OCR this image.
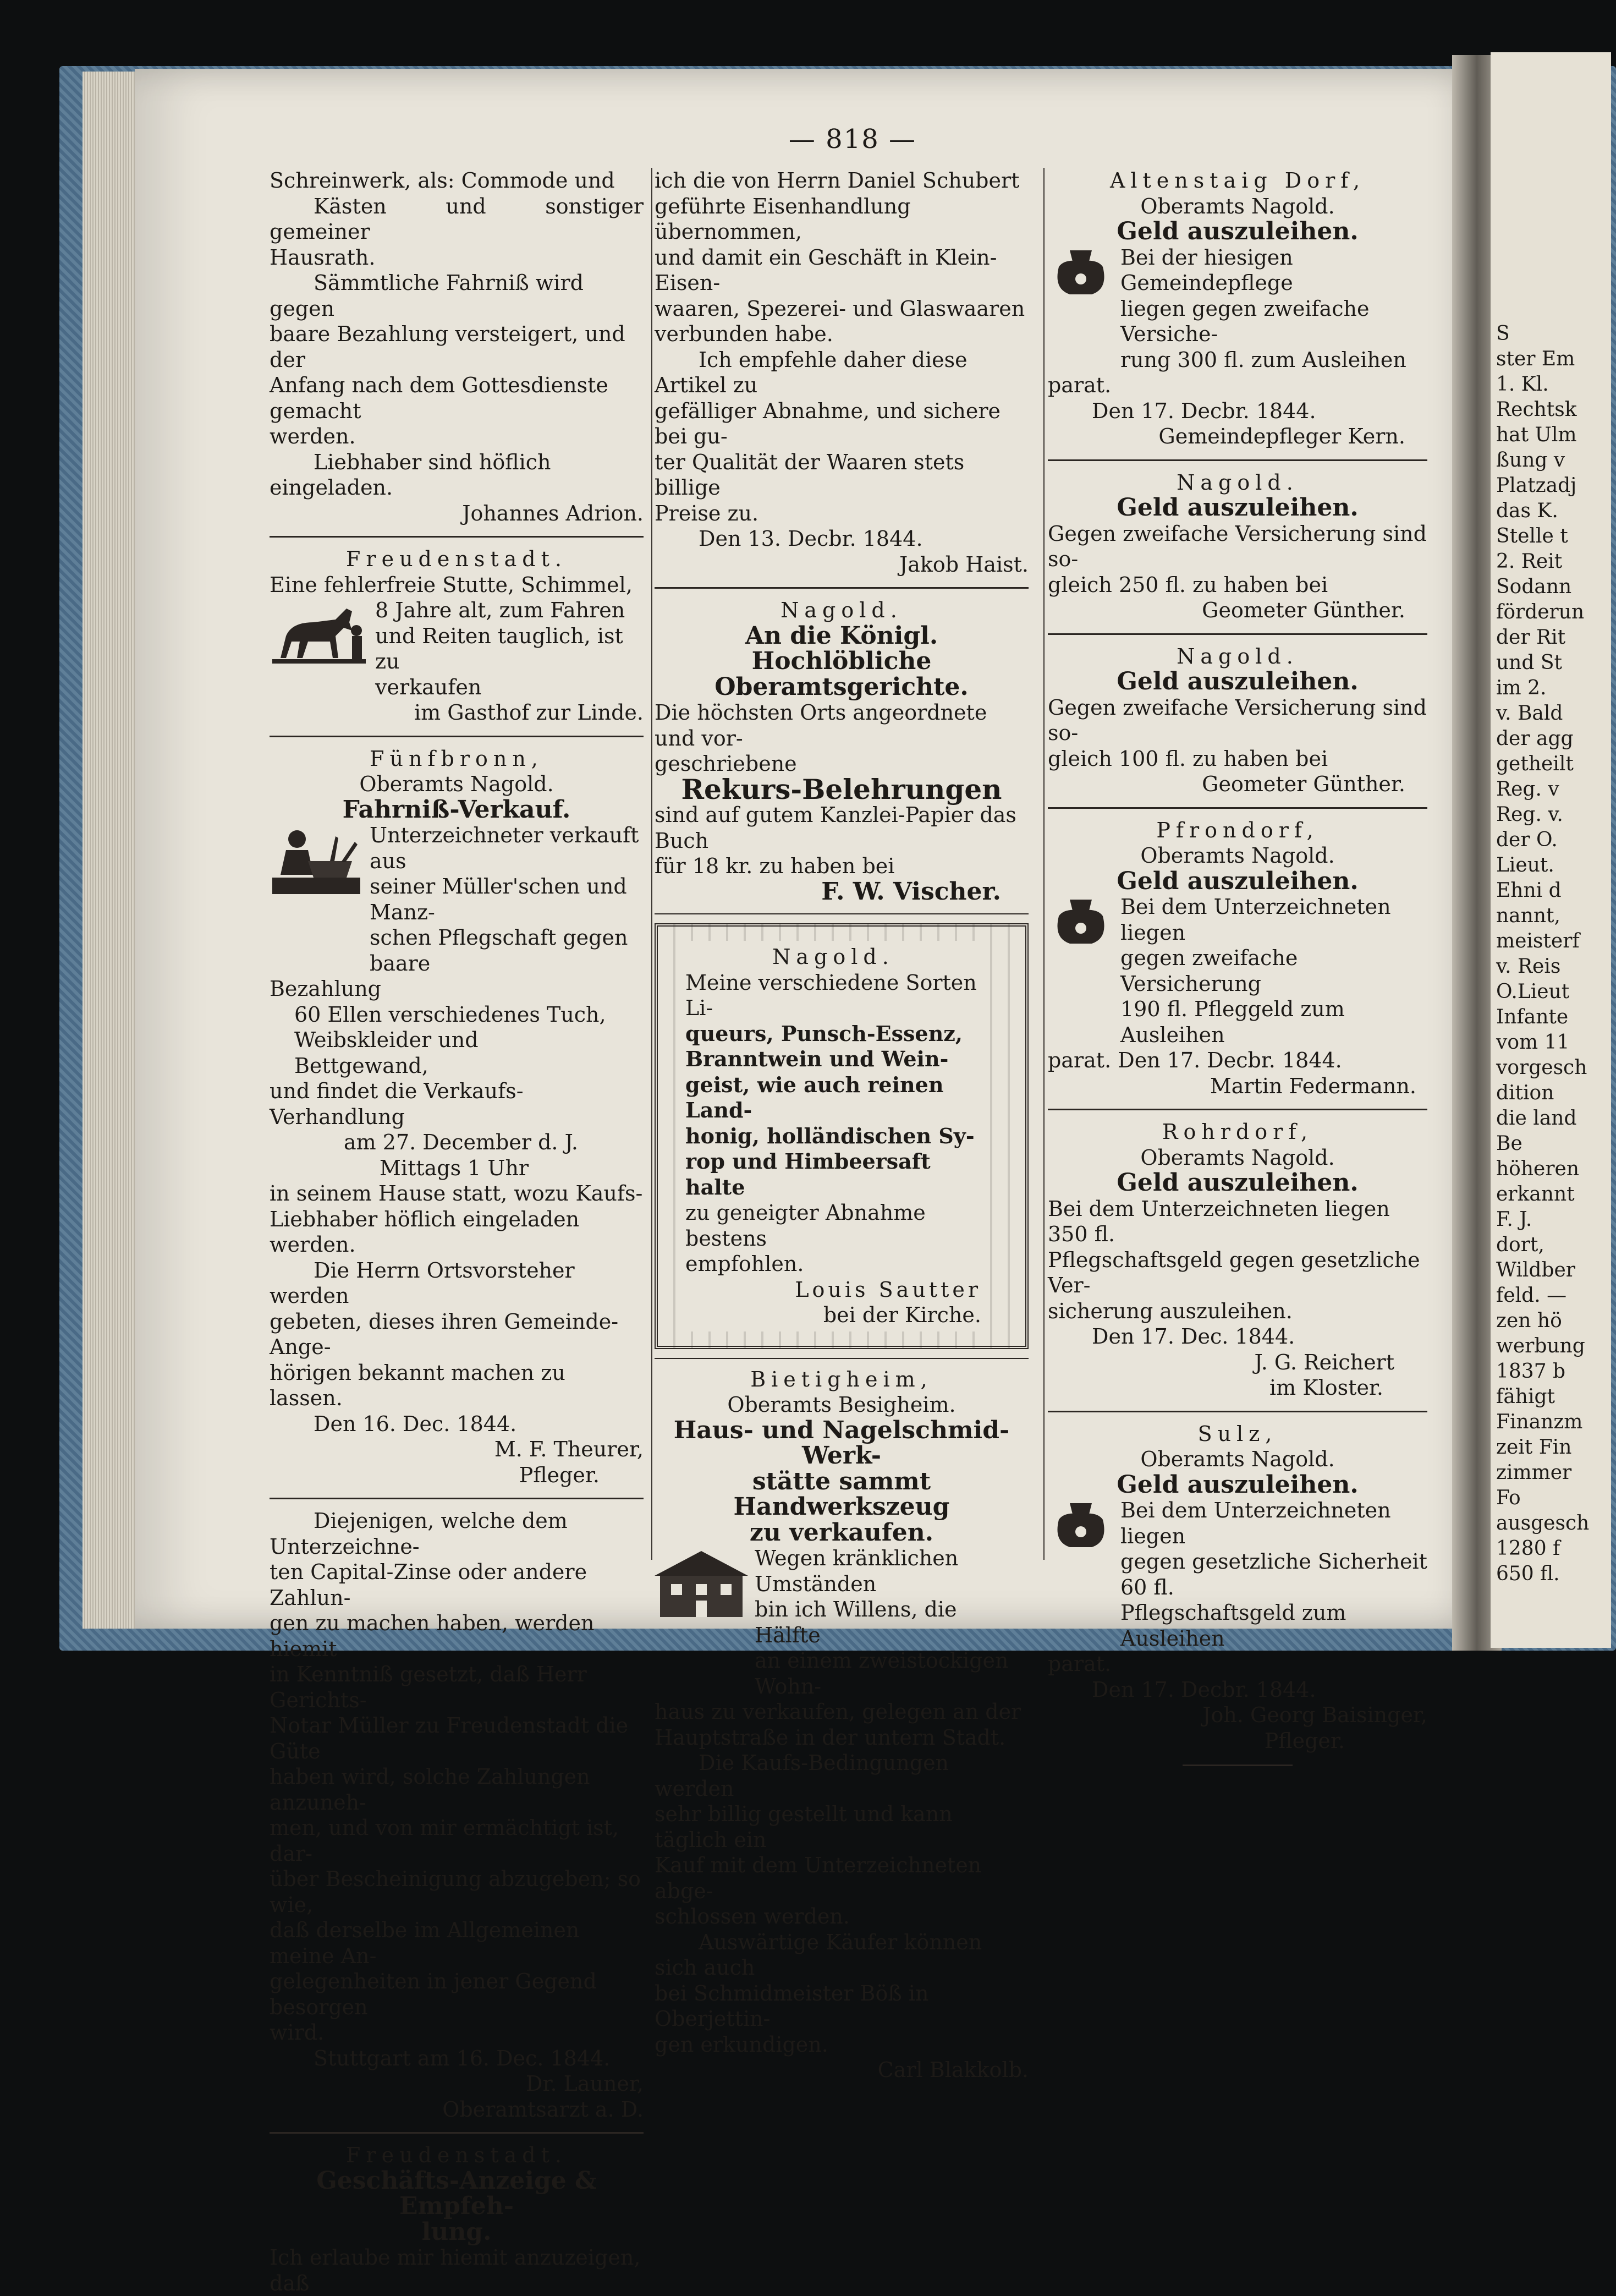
S
ster Em
1. Kl.
Rechtsk
hat Ulm
ßung v
Platzadj
das K.
Stelle t
2. Reit
Sodann
förderun
der Rit
und St
im 2.
v. Bald
der agg
getheilt
Reg. v
Reg. v.
der O.
Lieut.
Ehni d
nannt,
meisterf
v. Reis
O.Lieut
Infante
vom 11
vorgesch
dition
die land
Be
höheren
erkannt
F. J.
dort,
Wildber
feld. —
zen hö
werbung
1837 b
fähigt
Finanzm
zeit Fin
zimmer
Fo
ausgesch
1280 f
650 fl.
— 818 —
Schreinwerk, als: Commode und
Kästen und sonstiger gemeiner
Hausrath.
Sämmtliche Fahrniß wird gegen
baare Bezahlung versteigert, und der
Anfang nach dem Gottesdienste gemacht
werden.
Liebhaber sind höflich eingeladen.
Johannes Adrion.
Freudenstadt.
Eine fehlerfreie Stutte, Schimmel,
8 Jahre alt, zum Fahren
und Reiten tauglich, ist zu
verkaufen
im Gasthof zur Linde.
Fünfbronn,
Oberamts Nagold.
Fahrniß-Verkauf.
Unterzeichneter verkauft aus
seiner Müller'schen und Manz-
schen Pflegschaft gegen baare
Bezahlung
60 Ellen verschiedenes Tuch,
Weibskleider und
Bettgewand,
und findet die Verkaufs-Verhandlung
am 27. December d. J.
Mittags 1 Uhr
in seinem Hause statt, wozu Kaufs-
Liebhaber höflich eingeladen werden.
Die Herrn Ortsvorsteher werden
gebeten, dieses ihren Gemeinde-Ange-
hörigen bekannt machen zu lassen.
Den 16. Dec. 1844.
M. F. Theurer,
Pfleger.
Diejenigen, welche dem Unterzeichne-
ten Capital-Zinse oder andere Zahlun-
gen zu machen haben, werden hiemit
in Kenntniß gesetzt, daß Herr Gerichts-
Notar Müller zu Freudenstadt die Güte
haben wird, solche Zahlungen anzuneh-
men, und von mir ermächtigt ist, dar-
über Bescheinigung abzugeben; so wie,
daß derselbe im Allgemeinen meine An-
gelegenheiten in jener Gegend besorgen
wird.
Stuttgart am 16. Dec. 1844.
Dr. Launer,
Oberamtsarzt a. D.
Freudenstadt.
Geschäfts-Anzeige & Empfeh-
lung.
Ich erlaube mir hiemit anzuzeigen, daß
ich die von Herrn Daniel Schubert
geführte Eisenhandlung übernommen,
und damit ein Geschäft in Klein-Eisen-
waaren, Spezerei- und Glaswaaren
verbunden habe.
Ich empfehle daher diese Artikel zu
gefälliger Abnahme, und sichere bei gu-
ter Qualität der Waaren stets billige
Preise zu.
Den 13. Decbr. 1844.
Jakob Haist.
Nagold.
An die Königl. Hochlöbliche
Oberamtsgerichte.
Die höchsten Orts angeordnete und vor-
geschriebene
Rekurs-Belehrungen
sind auf gutem Kanzlei-Papier das Buch
für 18 kr. zu haben bei
F. W. Vischer.
Nagold.
Meine verschiedene Sorten Li-
queurs, Punsch-Essenz,
Branntwein und Wein-
geist, wie auch reinen Land-
honig, holländischen Sy-
rop und Himbeersaft halte
zu geneigter Abnahme bestens
empfohlen.
Louis Sautter
bei der Kirche.
Bietigheim,
Oberamts Besigheim.
Haus- und Nagelschmid-Werk-
stätte sammt Handwerkszeug
zu verkaufen.
Wegen kränklichen Umständen
bin ich Willens, die Hälfte
an einem zweistockigen Wohn-
haus zu verkaufen, gelegen an der
Hauptstraße in der untern Stadt.
Die Kaufs-Bedingungen werden
sehr billig gestellt und kann täglich ein
Kauf mit dem Unterzeichneten abge-
schlossen werden.
Auswärtige Käufer können sich auch
bei Schmidmeister Böß in Oberjettin-
gen erkundigen.
Carl Blakkolb.
Altenstaig Dorf,
Oberamts Nagold.
Geld auszuleihen.
Bei der hiesigen Gemeindepflege
liegen gegen zweifache Versiche-
rung 300 fl. zum Ausleihen
parat.
Den 17. Decbr. 1844.
Gemeindepfleger Kern.
Nagold.
Geld auszuleihen.
Gegen zweifache Versicherung sind so-
gleich 250 fl. zu haben bei
Geometer Günther.
Nagold.
Geld auszuleihen.
Gegen zweifache Versicherung sind so-
gleich 100 fl. zu haben bei
Geometer Günther.
Pfrondorf,
Oberamts Nagold.
Geld auszuleihen.
Bei dem Unterzeichneten liegen
gegen zweifache Versicherung
190 fl. Pfleggeld zum Ausleihen
parat. Den 17. Decbr. 1844.
Martin Federmann.
Rohrdorf,
Oberamts Nagold.
Geld auszuleihen.
Bei dem Unterzeichneten liegen 350 fl.
Pflegschaftsgeld gegen gesetzliche Ver-
sicherung auszuleihen.
Den 17. Dec. 1844.
J. G. Reichert
im Kloster.
Sulz,
Oberamts Nagold.
Geld auszuleihen.
Bei dem Unterzeichneten liegen
gegen gesetzliche Sicherheit 60 fl.
Pflegschaftsgeld zum Ausleihen
parat.
Den 17. Decbr. 1844.
Joh. Georg Baisinger,
Pfleger.
